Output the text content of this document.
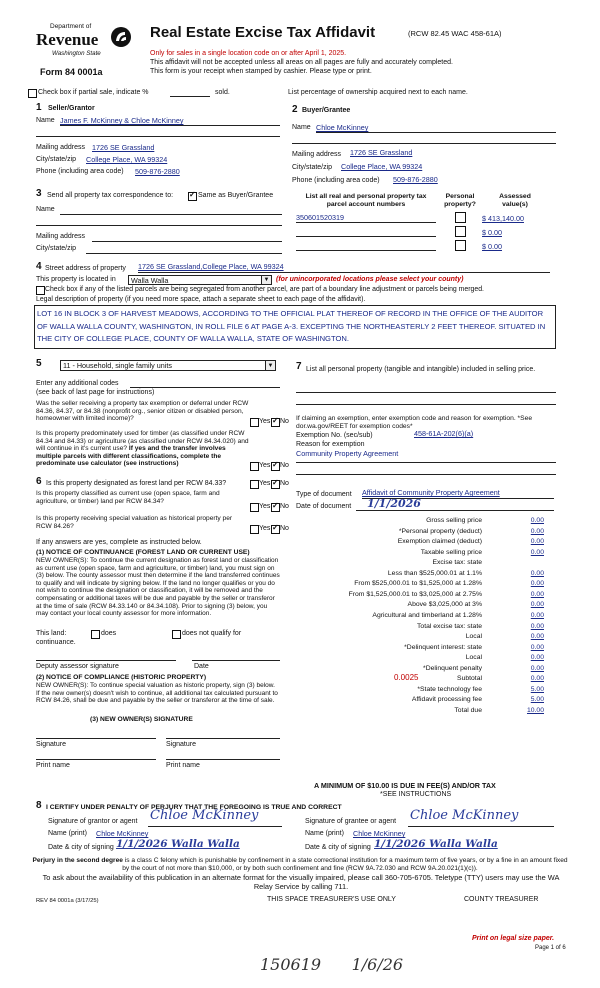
Department of
Revenue
Washington State
Form 84 0001a
Real Estate Excise Tax Affidavit	(RCW 82.45 WAC 458-61A)
Only for sales in a single location code on or after April 1, 2025.
This affidavit will not be accepted unless all areas on all pages are fully and accurately completed.
This form is your receipt when stamped by cashier. Please type or print.
Check box if partial sale, indicate %	sold.	List percentage of ownership acquired next to each name.
1 Seller/Grantor
Name James F. McKinney & Chloe McKinney
Mailing address 1726 SE Grassland
City/state/zip College Place, WA 99324
Phone (including area code) 509-876-2880
2 Buyer/Grantee
Name Chloe McKinney
Mailing address 1726 SE Grassland
City/state/zip College Place, WA 99324
Phone (including area code) 509-876-2880
3 Send all property tax correspondence to: ✓	Same as Buyer/Grantee
Name
Mailing address
City/state/zip
List all real and personal property tax parcel account numbers
Personal property?
Assessed value(s)
350601520319	$ 413,140.00
$ 0.00
$ 0.00
4 Street address of property 1726 SE Grassland,College Place, WA 99324
This property is located in	Walla Walla	▼ (for unincorporated locations please select your county)
Check box if any of the listed parcels are being segregated from another parcel, are part of a boundary line adjustment or parcels being merged.
Legal description of property (if you need more space, attach a separate sheet to each page of the affidavit).
LOT 16 IN BLOCK 3 OF HARVEST MEADOWS, ACCORDING TO THE OFFICIAL PLAT THEREOF OF RECORD IN THE OFFICE OF THE AUDITOR OF WALLA WALLA COUNTY, WASHINGTON, IN ROLL FILE 6 AT PAGE A-3. EXCEPTING THE NORTHEASTERLY 2 FEET THEREOF. SITUATED IN THE CITY OF COLLEGE PLACE, COUNTY OF WALLA WALLA, STATE OF WASHINGTON.
5	11 - Household, single family units	▼
Enter any additional codes
(see back of last page for instructions)
Was the seller receiving a property tax exemption or deferral under RCW 84.36, 84.37, or 84.38 (nonprofit org., senior citizen or disabled person, homeowner with limited income)?	Yes ✓ No
Is this property predominately used for timber (as classified under RCW 84.34 and 84.33) or agriculture (as classified under RCW 84.34.020) and will continue in it's current use? If yes and the transfer involves multiple parcels with different classifications, complete the predominate use calculator (see instructions)	Yes ✓ No
6 Is this property designated as forest land per RCW 84.33?	Yes ✓ No
Is this property classified as current use (open space, farm and agriculture, or timber) land per RCW 84.34?
Yes ✓ No
Is this property receiving special valuation as historical property per RCW 84.26?	Yes ✓ No
If any answers are yes, complete as instructed below.
(1) NOTICE OF CONTINUANCE (FOREST LAND OR CURRENT USE)
NEW OWNER(S): To continue the current designation as forest land or classification as current use (open space, farm and agriculture, or timber) land, you must sign on (3) below. The county assessor must then determine if the land transferred continues to qualify and will indicate by signing below. If the land no longer qualifies or you do not wish to continue the designation or classification, it will be removed and the compensating or additional taxes will be due and payable by the seller or transferor at the time of sale (RCW 84.33.140 or 84.34.108). Prior to signing (3) below, you may contact your local county assessor for more information.
This land:	does	does not qualify for
continuance.
Deputy assessor signature	Date
(2) NOTICE OF COMPLIANCE (HISTORIC PROPERTY)
NEW OWNER(S): To continue special valuation as historic property, sign (3) below. If the new owner(s) doesn't wish to continue, all additional tax calculated pursuant to RCW 84.26, shall be due and payable by the seller or transferor at the time of sale.
(3) NEW OWNER(S) SIGNATURE
Signature	Signature
Print name	Print name
7 List all personal property (tangible and intangible) included in selling price.
If claiming an exemption, enter exemption code and reason for exemption. *See dor.wa.gov/REET for exemption codes*
Exemption No. (sec/sub)	458-61A-202(6)(a)
Reason for exemption
Community Property Agreement
Type of document Affidavit of Community Property Agreement
Date of document 1/1/2026
Gross selling price	0.00
*Personal property (deduct)	0.00
Exemption claimed (deduct)	0.00
Taxable selling price	0.00
Excise tax: state
Less than $525,000.01 at 1.1%	0.00
From $525,000.01 to $1,525,000 at 1.28%	0.00
From $1,525,000.01 to $3,025,000 at 2.75%	0.00
Above $3,025,000 at 3%	0.00
Agricultural and timberland at 1.28%	0.00
Total excise tax: state	0.00
Local	0.00
*Delinquent interest: state	0.00
Local	0.00
*Delinquent penalty	0.00
Subtotal	0.00
*State technology fee	5.00
Affidavit processing fee	5.00
Total due	10.00
0.0025
A MINIMUM OF $10.00 IS DUE IN FEE(S) AND/OR TAX
*SEE INSTRUCTIONS
8 I CERTIFY UNDER PENALTY OF PERJURY THAT THE FOREGOING IS TRUE AND CORRECT
Signature of grantor or agent Chloe McKinney
Name (print) Chloe McKinney
Date & city of signing 1/1/2026 Walla Walla
Signature of grantee or agent Chloe McKinney
Name (print) Chloe McKinney
Date & city of signing 1/1/2026 Walla Walla
Perjury in the second degree is a class C felony which is punishable by confinement in a state correctional institution for a maximum term of five years, or by a fine in an amount fixed by the court of not more than $10,000, or by both such confinement and fine (RCW 9A.72.030 and RCW 9A.20.021(1)(c)).
To ask about the availability of this publication in an alternate format for the visually impaired, please call 360-705-6705. Teletype (TTY) users may use the WA Relay Service by calling 711.
REV 84 0001a (3/17/25)	THIS SPACE TREASURER'S USE ONLY	COUNTY TREASURER
Print on legal size paper.
Page 1 of 6
150619      1/6/26
